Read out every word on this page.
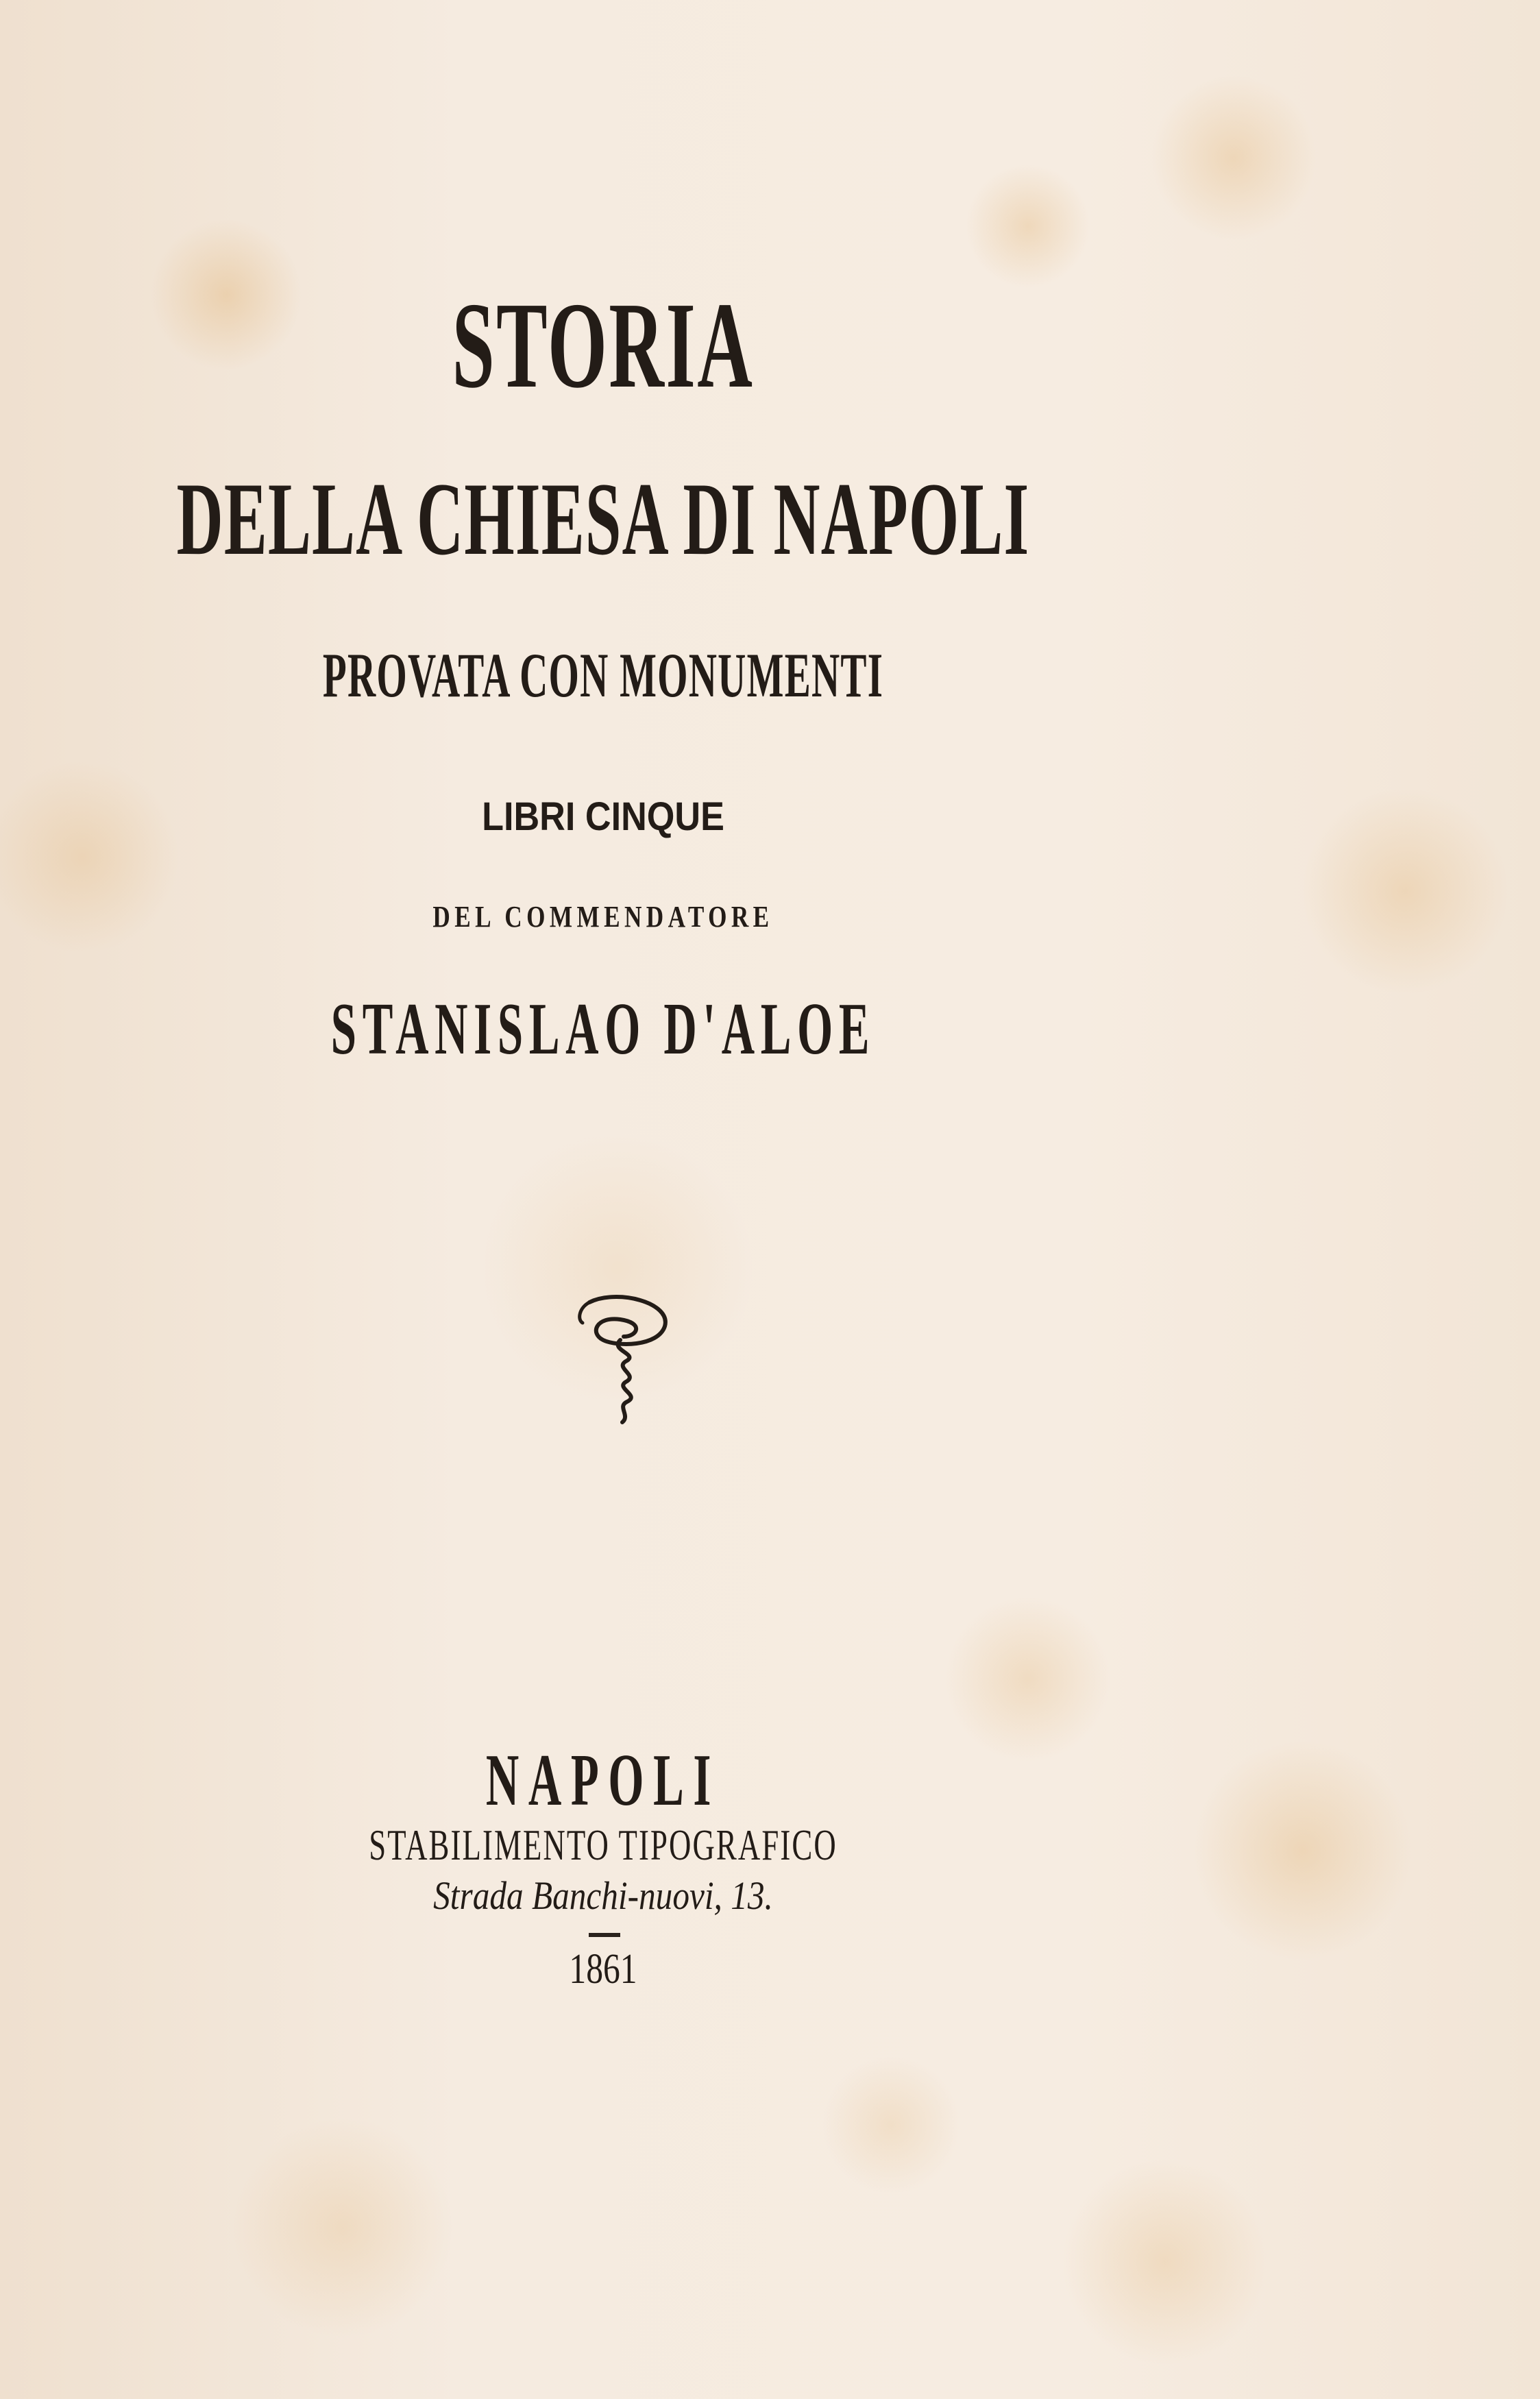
STORIA
DELLA CHIESA DI NAPOLI
PROVATA CON MONUMENTI
LIBRI CINQUE
DEL COMMENDATORE
STANISLAO D'ALOE
NAPOLI
STABILIMENTO TIPOGRAFICO
Strada Banchi-nuovi, 13.
1861
